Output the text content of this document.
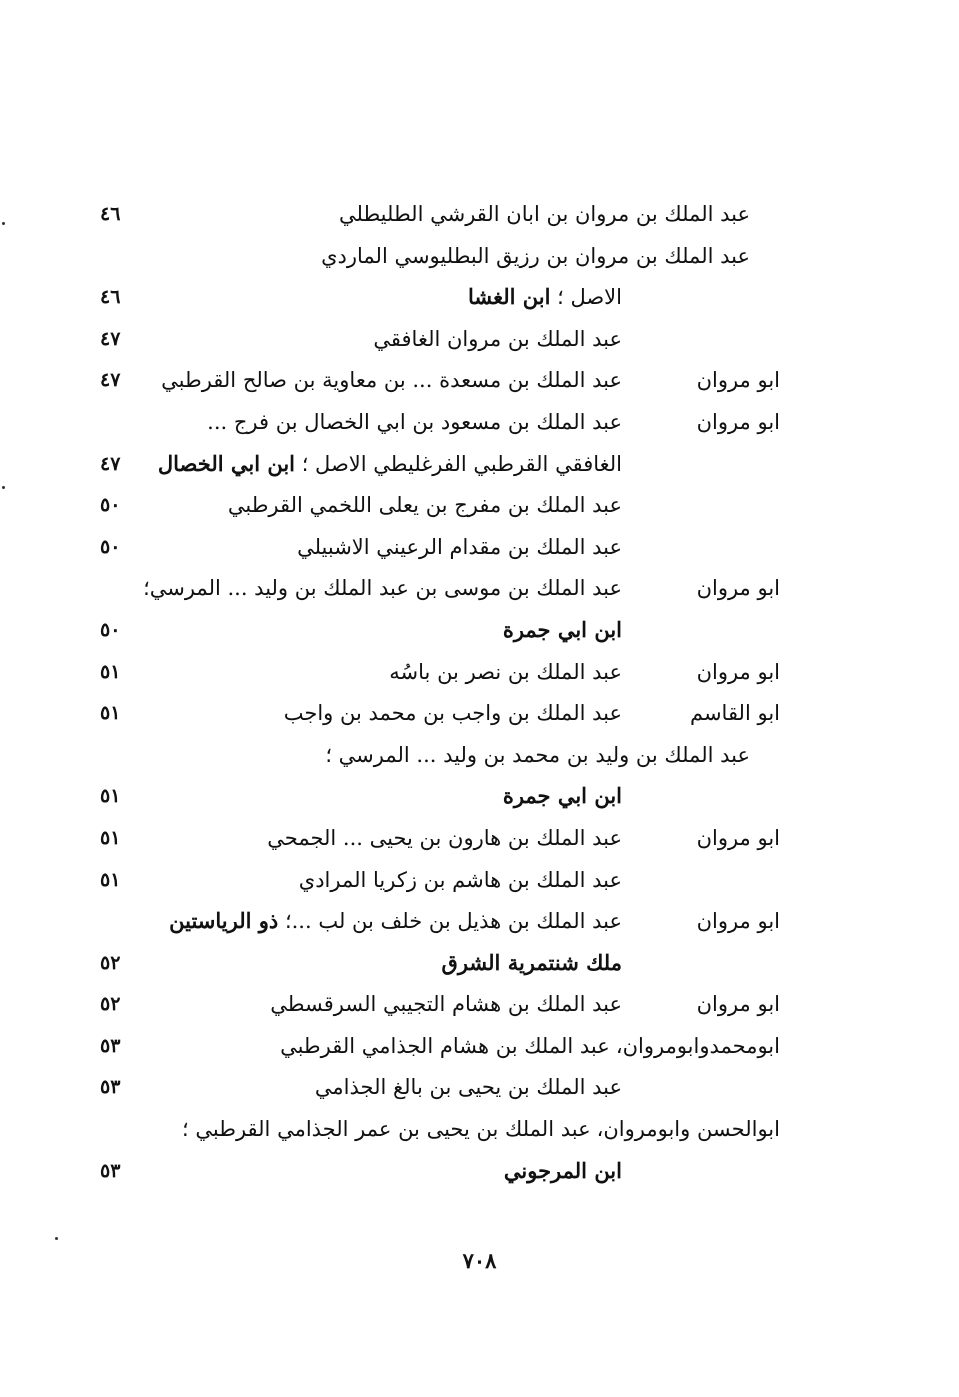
عبد الملك بن مروان بن ابان القرشي الطليطلي
٤٦
عبد الملك بن مروان بن رزيق البطليوسي الماردي
الاصل ؛ ابن الغشا
٤٦
عبد الملك بن مروان الغافقي
٤٧
ابو مروان
عبد الملك بن مسعدة ... بن معاوية بن صالح القرطبي
٤٧
ابو مروان
عبد الملك بن مسعود بن ابي الخصال بن فرج ...
الغافقي القرطبي الفرغليطي الاصل ؛ ابن ابي الخصال
٤٧
عبد الملك بن مفرج بن يعلى اللخمي القرطبي
٥٠
عبد الملك بن مقدام الرعيني الاشبيلي
٥٠
ابو مروان
عبد الملك بن موسى بن عبد الملك بن وليد ... المرسي؛
ابن ابي جمرة
٥٠
ابو مروان
عبد الملك بن نصر بن باسُه
٥١
ابو القاسم
عبد الملك بن واجب بن محمد بن واجب
٥١
عبد الملك بن وليد بن محمد بن وليد ... المرسي ؛
ابن ابي جمرة
٥١
ابو مروان
عبد الملك بن هارون بن يحيى ... الجمحي
٥١
عبد الملك بن هاشم بن زكريا المرادي
٥١
ابو مروان
عبد الملك بن هذيل بن خلف بن لب ...؛ ذو الرياستين
ملك شنتمرية الشرق
٥٢
ابو مروان
عبد الملك بن هشام التجيبي السرقسطي
٥٢
ابومحمدوابومروان،عبد الملك بن هشام الجذامي القرطبي
٥٣
عبد الملك بن يحيى بن بالغ الجذامي
٥٣
ابوالحسن وابومروان،عبد الملك بن يحيى بن عمر الجذامي القرطبي ؛
ابن المرجوني
٥٣
٧٠٨
